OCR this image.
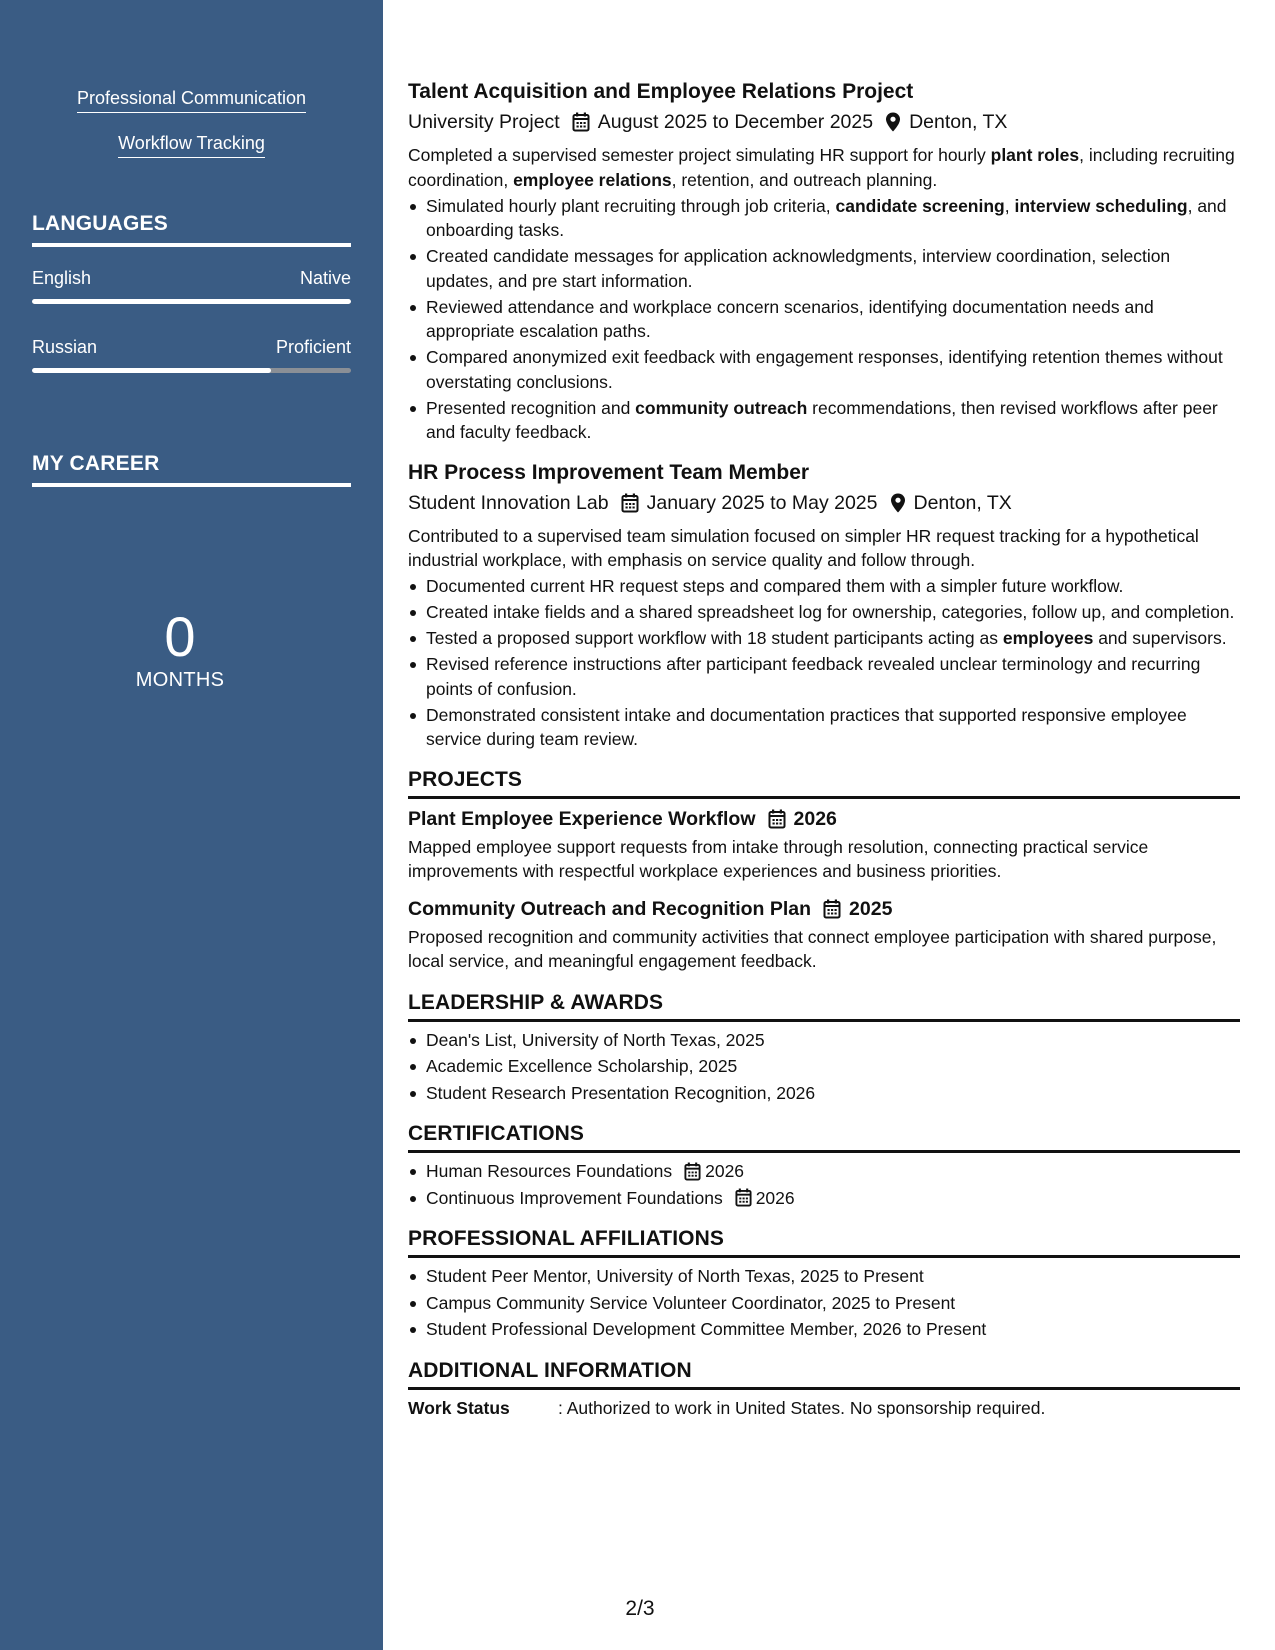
Professional Communication
Workflow Tracking
LANGUAGES
English	Native
Russian	Proficient
MY CAREER
0
MONTHS
Talent Acquisition and Employee Relations Project
University Project August 2025 to December 2025 Denton, TX

Completed a supervised semester project simulating HR support for hourly plant roles, including recruiting coordination, employee relations, retention, and outreach planning.

Simulated hourly plant recruiting through job criteria, candidate screening, interview scheduling, and onboarding tasks.
Created candidate messages for application acknowledgments, interview coordination, selection updates, and pre start information.
Reviewed attendance and workplace concern scenarios, identifying documentation needs and appropriate escalation paths.
Compared anonymized exit feedback with engagement responses, identifying retention themes without overstating conclusions.
Presented recognition and community outreach recommendations, then revised workflows after peer and faculty feedback.
HR Process Improvement Team Member
Student Innovation Lab January 2025 to May 2025 Denton, TX

Contributed to a supervised team simulation focused on simpler HR request tracking for a hypothetical industrial workplace, with emphasis on service quality and follow through.

Documented current HR request steps and compared them with a simpler future workflow.
Created intake fields and a shared spreadsheet log for ownership, categories, follow up, and completion.
Tested a proposed support workflow with 18 student participants acting as employees and supervisors.
Revised reference instructions after participant feedback revealed unclear terminology and recurring points of confusion.
Demonstrated consistent intake and documentation practices that supported responsive employee service during team review.
PROJECTS
Plant Employee Experience Workflow 2026

Mapped employee support requests from intake through resolution, connecting practical service improvements with respectful workplace experiences and business priorities.

Community Outreach and Recognition Plan 2025

Proposed recognition and community activities that connect employee participation with shared purpose, local service, and meaningful engagement feedback.

LEADERSHIP & AWARDS
Dean's List, University of North Texas, 2025
Academic Excellence Scholarship, 2025
Student Research Presentation Recognition, 2026
CERTIFICATIONS
Human Resources Foundations 2026
Continuous Improvement Foundations 2026
PROFESSIONAL AFFILIATIONS
Student Peer Mentor, University of North Texas, 2025 to Present
Campus Community Service Volunteer Coordinator, 2025 to Present
Student Professional Development Committee Member, 2026 to Present
ADDITIONAL INFORMATION
Work Status	: Authorized to work in United States. No sponsorship required.
2/3
